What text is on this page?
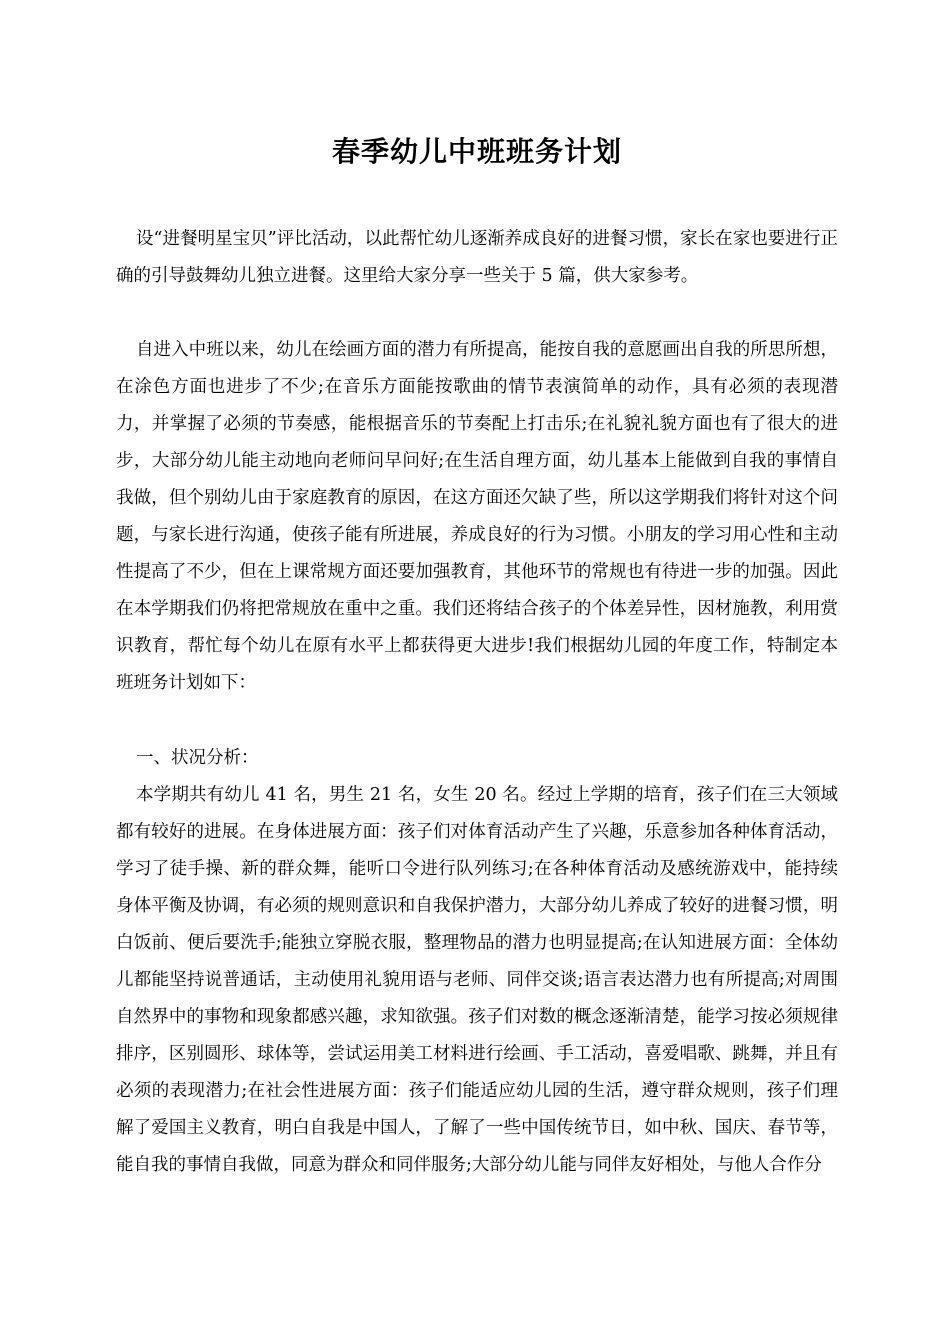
春季幼儿中班班务计划

设“进餐明星宝贝”评比活动，以此帮忙幼儿逐渐养成良好的进餐习惯，家长在家也要进行正确的引导鼓舞幼儿独立进餐。这里给大家分享一些关于 5 篇，供大家参考。

自进入中班以来，幼儿在绘画方面的潜力有所提高，能按自我的意愿画出自我的所思所想，在涂色方面也进步了不少;在音乐方面能按歌曲的情节表演简单的动作，具有必须的表现潜力，并掌握了必须的节奏感，能根据音乐的节奏配上打击乐;在礼貌礼貌方面也有了很大的进步，大部分幼儿能主动地向老师问早问好;在生活自理方面，幼儿基本上能做到自我的事情自我做，但个别幼儿由于家庭教育的原因，在这方面还欠缺了些，所以这学期我们将针对这个问题，与家长进行沟通，使孩子能有所进展，养成良好的行为习惯。小朋友的学习用心性和主动性提高了不少，但在上课常规方面还要加强教育，其他环节的常规也有待进一步的加强。因此在本学期我们仍将把常规放在重中之重。我们还将结合孩子的个体差异性，因材施教，利用赏识教育，帮忙每个幼儿在原有水平上都获得更大进步!我们根据幼儿园的年度工作，特制定本班班务计划如下：

一、状况分析：

本学期共有幼儿 41 名，男生 21 名，女生 20 名。经过上学期的培育，孩子们在三大领域都有较好的进展。在身体进展方面：孩子们对体育活动产生了兴趣，乐意参加各种体育活动，学习了徒手操、新的群众舞，能听口令进行队列练习;在各种体育活动及感统游戏中，能持续身体平衡及协调，有必须的规则意识和自我保护潜力，大部分幼儿养成了较好的进餐习惯，明白饭前、便后要洗手;能独立穿脱衣服，整理物品的潜力也明显提高;在认知进展方面：全体幼儿都能坚持说普通话，主动使用礼貌用语与老师、同伴交谈;语言表达潜力也有所提高;对周围自然界中的事物和现象都感兴趣，求知欲强。孩子们对数的概念逐渐清楚，能学习按必须规律排序，区别圆形、球体等，尝试运用美工材料进行绘画、手工活动，喜爱唱歌、跳舞，并且有必须的表现潜力;在社会性进展方面：孩子们能适应幼儿园的生活，遵守群众规则，孩子们理解了爱国主义教育，明白自我是中国人，了解了一些中国传统节日，如中秋、国庆、春节等，能自我的事情自我做，同意为群众和同伴服务;大部分幼儿能与同伴友好相处，与他人合作分
